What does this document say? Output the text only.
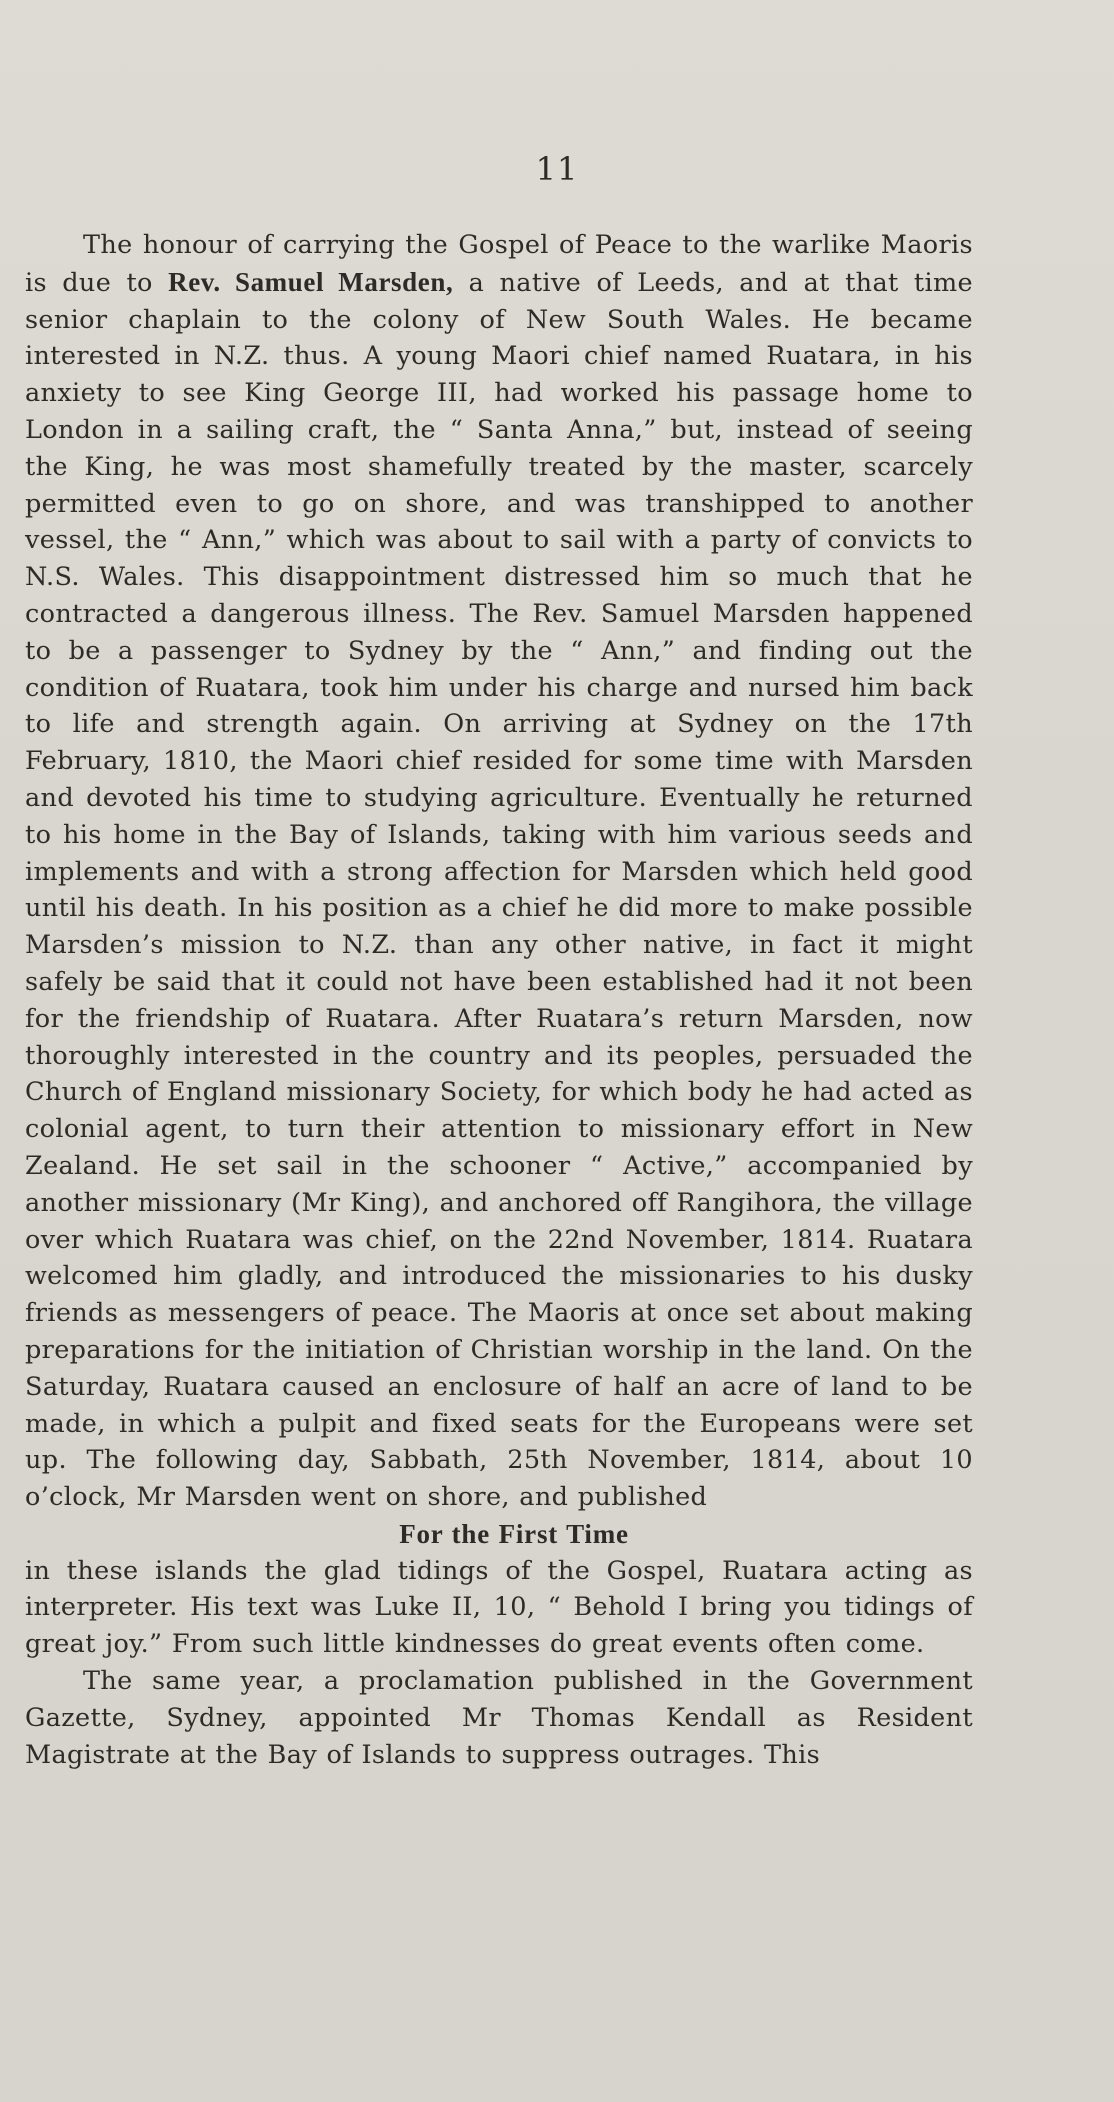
11

The honour of carrying the Gospel of Peace to the warlike Maoris is due to Rev. Samuel Marsden, a native of Leeds, and at that time senior chaplain to the colony of New South Wales. He became interested in N.Z. thus. A young Maori chief named Ruatara, in his anxiety to see King George III, had worked his passage home to London in a sailing craft, the “ Santa Anna,” but, instead of seeing the King, he was most shamefully treated by the master, scarcely permitted even to go on shore, and was transhipped to another vessel, the “ Ann,” which was about to sail with a party of convicts to N.S. Wales. This disappointment distressed him so much that he contracted a dangerous illness. The Rev. Samuel Marsden happened to be a passenger to Sydney by the “ Ann,” and finding out the condition of Ruatara, took him under his charge and nursed him back to life and strength again. On arriving at Sydney on the 17th February, 1810, the Maori chief resided for some time with Marsden and devoted his time to studying agriculture. Eventually he returned to his home in the Bay of Islands, taking with him various seeds and implements and with a strong affection for Marsden which held good until his death. In his position as a chief he did more to make possible Marsden’s mission to N.Z. than any other native, in fact it might safely be said that it could not have been established had it not been for the friendship of Ruatara. After Ruatara’s return Marsden, now thoroughly interested in the country and its peoples, persuaded the Church of England missionary Society, for which body he had acted as colonial agent, to turn their attention to missionary effort in New Zealand. He set sail in the schooner “ Active,” accompanied by another missionary (Mr King), and anchored off Rangihora, the village over which Ruatara was chief, on the 22nd November, 1814. Ruatara welcomed him gladly, and introduced the missionaries to his dusky friends as messengers of peace. The Maoris at once set about making preparations for the initiation of Christian worship in the land. On the Saturday, Ruatara caused an enclosure of half an acre of land to be made, in which a pulpit and fixed seats for the Europeans were set up. The following day, Sabbath, 25th November, 1814, about 10 o’clock, Mr Marsden went on shore, and published

For the First Time

in these islands the glad tidings of the Gospel, Ruatara acting as interpreter. His text was Luke II, 10, “ Behold I bring you tidings of great joy.” From such little kindnesses do great events often come.

The same year, a proclamation published in the Government Gazette, Sydney, appointed Mr Thomas Kendall as Resident Magistrate at the Bay of Islands to suppress outrages. This
